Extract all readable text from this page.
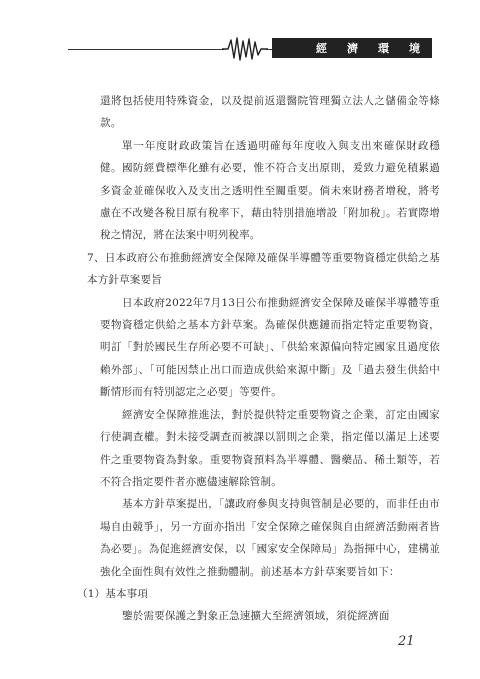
經濟環境

還將包括使用特殊資金，以及提前返還醫院管理獨立法人之儲備金等條款。

單一年度財政政策旨在透過明確每年度收入與支出來確保財政穩健。國防經費標準化雖有必要，惟不符合支出原則，爰致力避免積累過多資金並確保收入及支出之透明性至關重要。倘未來財務者增稅，將考慮在不改變各稅目原有稅率下，藉由特別措施增設「附加稅」。若實際增稅之情況，將在法案中明列稅率。

7、日本政府公布推動經濟安全保障及確保半導體等重要物資穩定供給之基本方針草案要旨

日本政府2022年7月13日公布推動經濟安全保障及確保半導體等重要物資穩定供給之基本方針草案。為確保供應鏈而指定特定重要物資，明訂「對於國民生存所必要不可缺」、「供給來源偏向特定國家且過度依賴外部」、「可能因禁止出口而造成供給來源中斷」及「過去發生供給中斷情形而有特別認定之必要」等要件。

經濟安全保障推進法，對於提供特定重要物資之企業，訂定由國家行使調查權。對未接受調查而被課以罰則之企業，指定僅以滿足上述要件之重要物資為對象。重要物資預料為半導體、醫藥品、稀土類等，若不符合指定要件者亦應儘速解除管制。

基本方針草案提出，「讓政府參與支持與管制是必要的，而非任由市場自由競爭」，另一方面亦指出「安全保障之確保與自由經濟活動兩者皆為必要」。為促進經濟安保，以「國家安全保障局」為指揮中心，建構並強化全面性與有效性之推動體制。前述基本方針草案要旨如下：

（1）基本事項

鑒於需要保護之對象正急速擴大至經濟領域，須從經濟面

21
